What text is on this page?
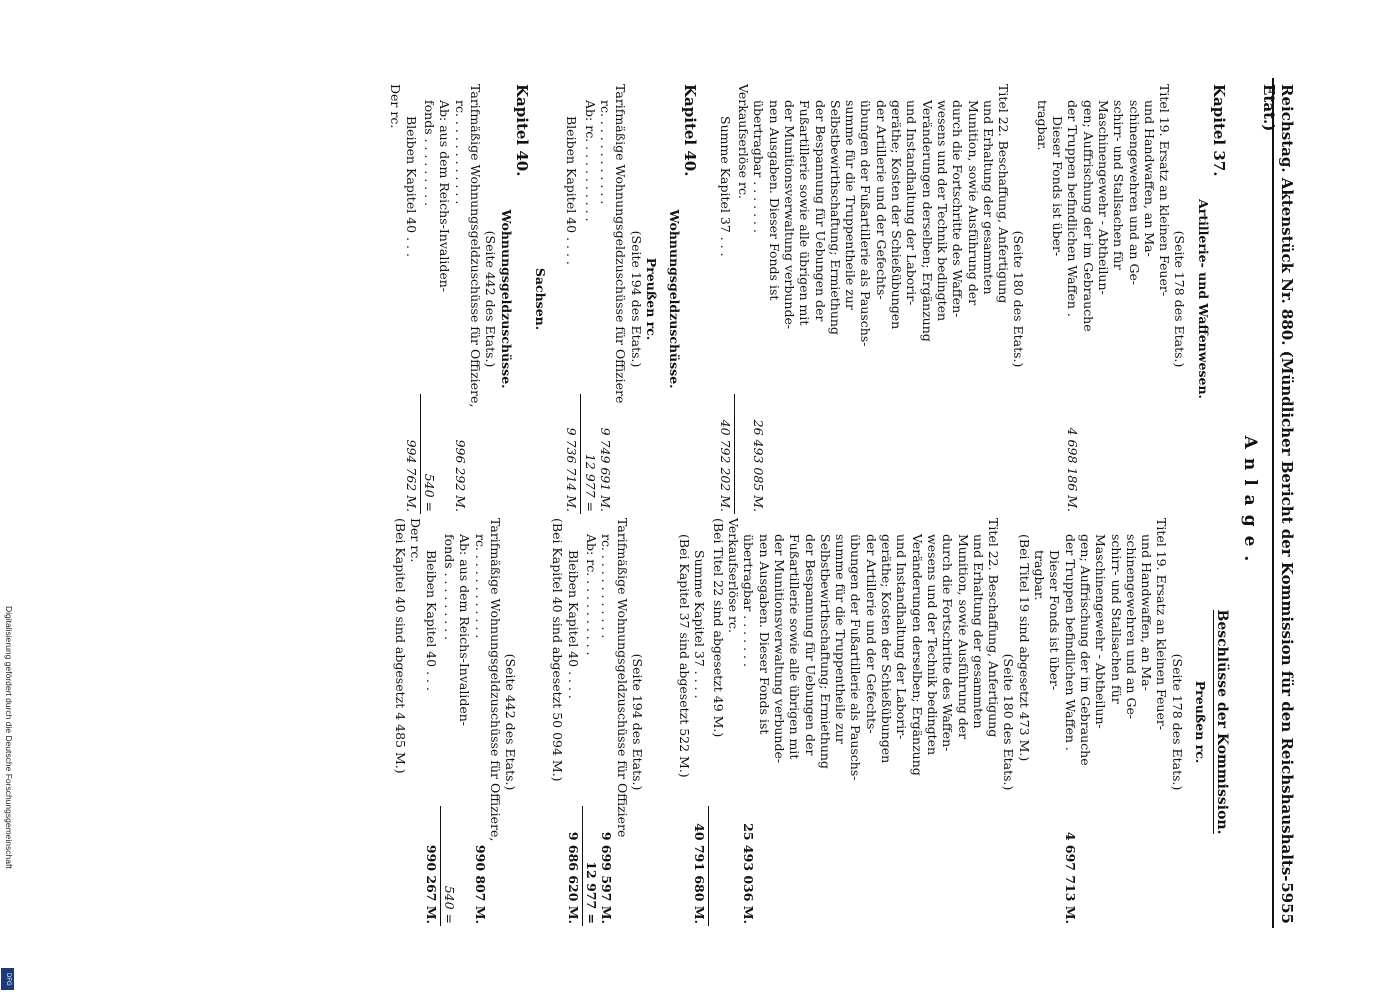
Reichstag. Aktenstück Nr. 880. (Mündlicher Bericht der Kommission für den Reichshaushalts-Etat.)
5955
Anlage.
Kapitel 37.
Artillerie- und Waffenwesen.
(Seite 178 des Etats.)
Titel 19. Ersatz an kleinen Feuer-
und Handwaffen, an Ma-
schinengewehren und an Ge-
schirr- und Stallsachen für
Maschinengewehr - Abtheilun-
gen; Auffrischung der im Gebrauche
der Truppen befindlichen Waffen .
4 698 186 M.
Dieser Fonds ist über-
tragbar.
(Seite 180 des Etats.)
Titel 22. Beschaffung, Anfertigung
und Erhaltung der gesammten
Munition, sowie Ausführung der
durch die Fortschritte des Waffen-
wesens und der Technik bedingten
Veränderungen derselben; Ergänzung
und Instandhaltung der Laborir-
geräthe; Kosten der Schießübungen
der Artillerie und der Gefechts-
übungen der Fußartillerie als Pauschs-
summe für die Truppentheile zur
Selbstbewirthschaftung; Ermiethung
der Bespannung für Uebungen der
Fußartillerie sowie alle übrigen mit
der Munitionsverwaltung verbunde-
nen Ausgaben. Dieser Fonds ist
übertragbar . . . . . . .
26 493 085 M.
Verkaufserlöse rc.
Summe Kapitel 37 . . .
40 792 202 M.
Kapitel 40.
Wohnungsgeldzuschüsse.
Preußen rc.
(Seite 194 des Etats.)
Tarifmäßige Wohnungsgeldzuschüsse für Offiziere
rc. . . . . . . . . . . .
9 749 691 M.
Ab: rc. . . . . . . . . . .
12 977 =
Bleiben Kapitel 40 . . . .
9 736 714 M.
Sachsen.
Kapitel 40.
Wohnungsgeldzuschüsse.
(Seite 442 des Etats.)
Tarifmäßige Wohnungsgeldzuschüsse für Offiziere,
rc. . . . . . . . . . . .
996 292 M.
Ab: aus dem Reichs-Invaliden-
fonds . . . . . . . . .
540 =
Bleiben Kapitel 40 . . .
994 762 M.
Der rc.
Beschlüsse der Kommission.
Preußen rc.
(Seite 178 des Etats.)
Titel 19. Ersatz an kleinen Feuer-
und Handwaffen, an Ma-
schinengewehren und an Ge-
schirr- und Stallsachen für
Maschinengewehr - Abtheilun-
gen; Auffrischung der im Gebrauche
der Truppen befindlichen Waffen .
4 697 713 M.
Dieser Fonds ist über-
tragbar.
(Bei Titel 19 sind abgesetzt 473 M.)
(Seite 180 des Etats.)
Titel 22. Beschaffung, Anfertigung
und Erhaltung der gesammten
Munition, sowie Ausführung der
durch die Fortschritte des Waffen-
wesens und der Technik bedingten
Veränderungen derselben; Ergänzung
und Instandhaltung der Laborir-
geräthe; Kosten der Schießübungen
der Artillerie und der Gefechts-
übungen der Fußartillerie als Pauschs-
summe für die Truppentheile zur
Selbstbewirthschaftung; Ermiethung
der Bespannung für Uebungen der
Fußartillerie sowie alle übrigen mit
der Munitionsverwaltung verbunde-
nen Ausgaben. Dieser Fonds ist
übertragbar . . . . . . .
25 493 036 M.
Verkaufserlöse rc.
(Bei Titel 22 sind abgesetzt 49 M.)
Summe Kapitel 37 . . . .
40 791 680 M.
(Bei Kapitel 37 sind abgesetzt 522 M.)
(Seite 194 des Etats.)
Tarifmäßige Wohnungsgeldzuschüsse für Offiziere
rc. . . . . . . . . . . .
9 699 597 M.
Ab: rc. . . . . . . . . . .
12 977 =
Bleiben Kapitel 40 . . . .
9 686 620 M.
(Bei Kapitel 40 sind abgesetzt 50 094 M.)
(Seite 442 des Etats.)
Tarifmäßige Wohnungsgeldzuschüsse für Offiziere,
rc. . . . . . . . . . . .
990 807 M.
Ab: aus dem Reichs-Invaliden-
fonds . . . . . . . . .
540 =
Bleiben Kapitel 40 . . .
990 267 M.
Der rc.
(Bei Kapitel 40 sind abgesetzt 4 485 M.)
Digitalisierung gefördert durch die Deutsche Forschungsgemeinschaft
DFG
